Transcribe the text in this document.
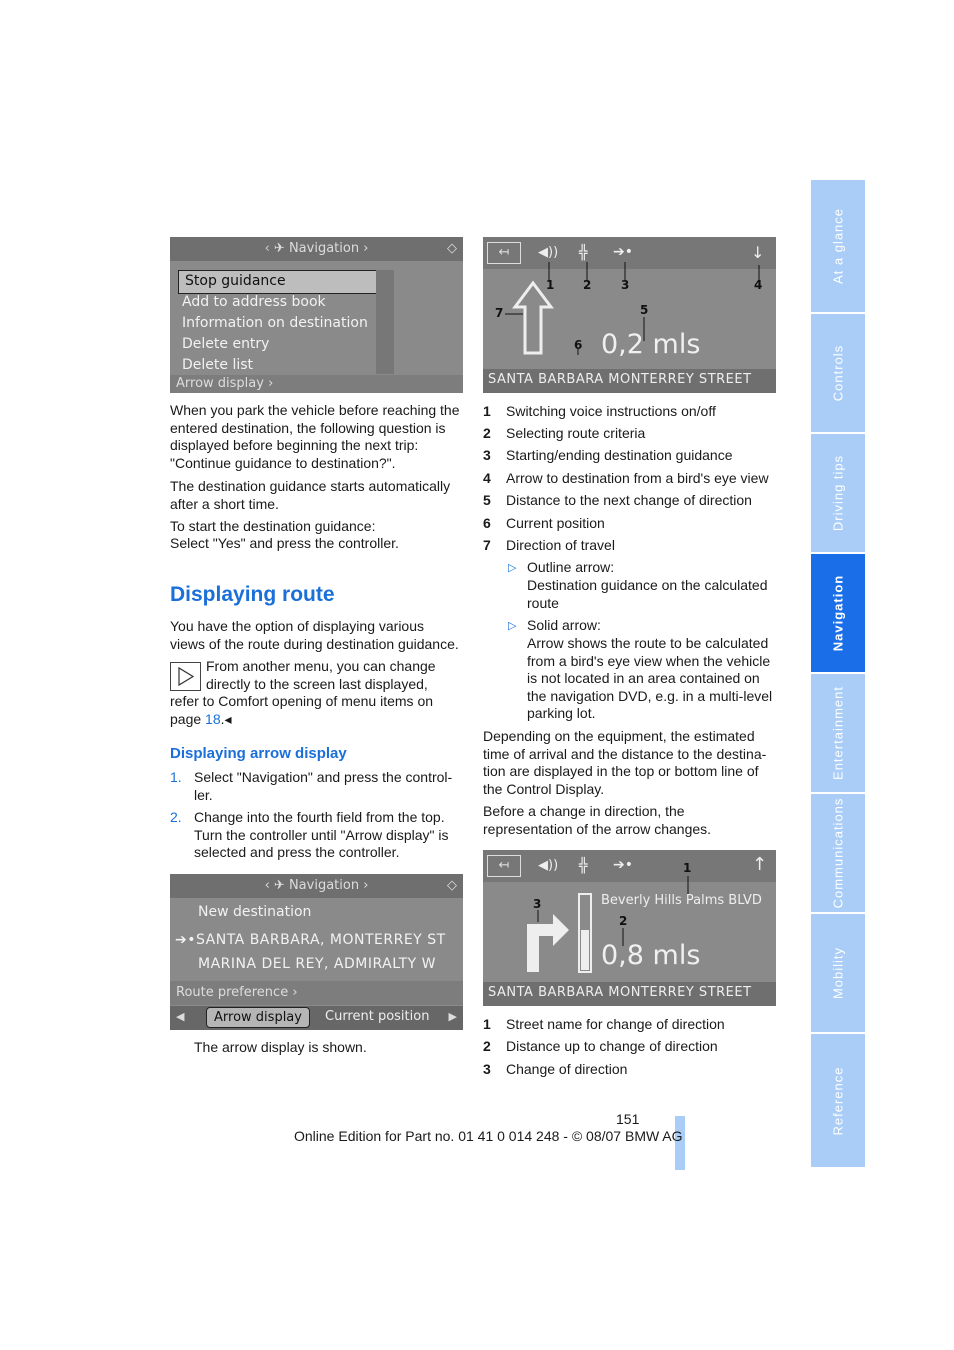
At a glance
Controls
Driving tips
Navigation
Entertainment
Communications
Mobility
Reference
‹ ✈ Navigation ›	◇
Stop guidance
Add to address book
Information on destination
Delete entry
Delete list
Arrow display ›

When you park the vehicle before reaching the entered destination, the following question is displayed before beginning the next trip: "Continue guidance to destination?".

The destination guidance starts automatically after a short time.

To start the destination guidance:

Select "Yes" and press the controller.

Displaying route

You have the option of displaying various views of the route during destination guidance.

From another menu, you can change
directly to the screen last displayed,
refer to Comfort opening of menu items on
page 18.◂
Displaying arrow display
1. Select "Navigation" and press the control-ler.
2. Change into the fourth field from the top. Turn the controller until "Arrow display" is selected and press the controller.
‹ ✈ Navigation ›	◇
New destination
➔•SANTA BARBARA, MONTERREY ST
MARINA DEL REY, ADMIRALTY W
Route preference ›
◀	Arrow display	Current position ▶

The arrow display is shown.

↤	◀)) ╬ ➔•	↓
1 2 3	4
5
6
7
0,2 mls
SANTA BARBARA MONTERREY STREET
1 Switching voice instructions on/off
2 Selecting route criteria
3 Starting/ending destination guidance
4 Arrow to destination from a bird's eye view
5 Distance to the next change of direction
6 Current position
7 Direction of travel
▷ Outline arrow:
Destination guidance on the calculated route
▷ Solid arrow:
Arrow shows the route to be calculated from a bird's eye view when the vehicle is not located in an area contained on the navigation DVD, e.g. in a multi-level parking lot.

Depending on the equipment, the estimated time of arrival and the distance to the destina-tion are displayed in the top or bottom line of the Control Display.

Before a change in direction, the representation of the arrow changes.

↤	◀)) ╬ ➔•	↑
1
2
3	Beverly Hills Palms BLVD
0,8 mls
SANTA BARBARA MONTERREY STREET
1 Street name for change of direction
2 Distance up to change of direction
3 Change of direction
151
Online Edition for Part no. 01 41 0 014 248 - © 08/07 BMW AG
